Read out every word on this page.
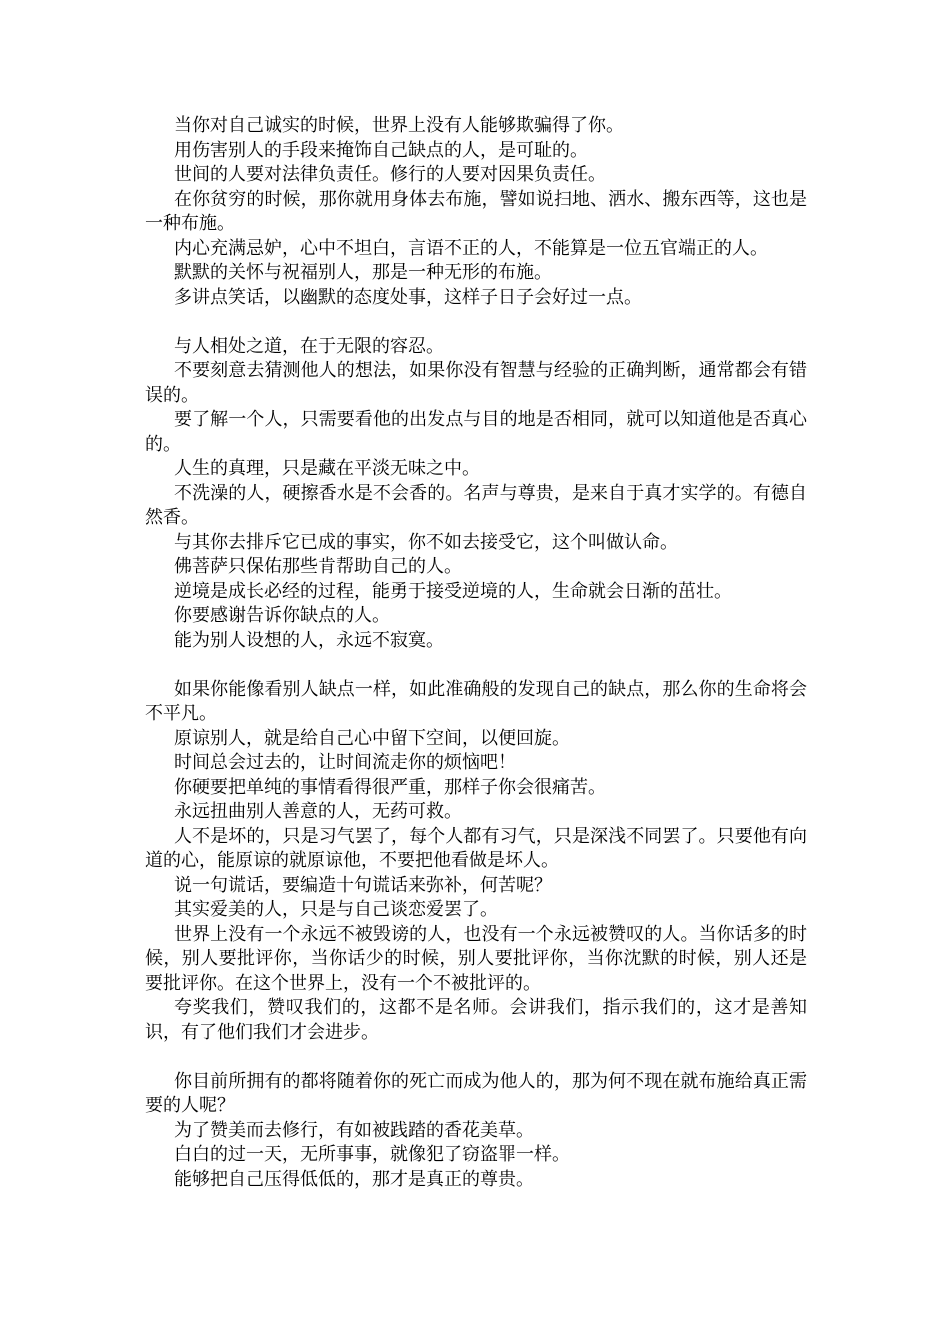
当你对自己诚实的时候，世界上没有人能够欺骗得了你。

用伤害别人的手段来掩饰自己缺点的人，是可耻的。

世间的人要对法律负责任。修行的人要对因果负责任。

在你贫穷的时候，那你就用身体去布施，譬如说扫地、洒水、搬东西等，这也是一种布施。

内心充满忌妒，心中不坦白，言语不正的人，不能算是一位五官端正的人。

默默的关怀与祝福别人，那是一种无形的布施。

多讲点笑话，以幽默的态度处事，这样子日子会好过一点。

与人相处之道，在于无限的容忍。

不要刻意去猜测他人的想法，如果你没有智慧与经验的正确判断，通常都会有错误的。

要了解一个人，只需要看他的出发点与目的地是否相同，就可以知道他是否真心的。

人生的真理，只是藏在平淡无味之中。

不洗澡的人，硬擦香水是不会香的。名声与尊贵，是来自于真才实学的。有德自然香。

与其你去排斥它已成的事实，你不如去接受它，这个叫做认命。

佛菩萨只保佑那些肯帮助自己的人。

逆境是成长必经的过程，能勇于接受逆境的人，生命就会日渐的茁壮。

你要感谢告诉你缺点的人。

能为别人设想的人，永远不寂寞。

如果你能像看别人缺点一样，如此准确般的发现自己的缺点，那么你的生命将会不平凡。

原谅别人，就是给自己心中留下空间，以便回旋。

时间总会过去的，让时间流走你的烦恼吧！

你硬要把单纯的事情看得很严重，那样子你会很痛苦。

永远扭曲别人善意的人，无药可救。

人不是坏的，只是习气罢了，每个人都有习气，只是深浅不同罢了。只要他有向道的心，能原谅的就原谅他，不要把他看做是坏人。

说一句谎话，要编造十句谎话来弥补，何苦呢？

其实爱美的人，只是与自己谈恋爱罢了。

世界上没有一个永远不被毁谤的人，也没有一个永远被赞叹的人。当你话多的时候，别人要批评你，当你话少的时候，别人要批评你，当你沈默的时候，别人还是要批评你。在这个世界上，没有一个不被批评的。

夸奖我们，赞叹我们的，这都不是名师。会讲我们，指示我们的，这才是善知识，有了他们我们才会进步。

你目前所拥有的都将随着你的死亡而成为他人的，那为何不现在就布施给真正需要的人呢？

为了赞美而去修行，有如被践踏的香花美草。

白白的过一天，无所事事，就像犯了窃盗罪一样。

能够把自己压得低低的，那才是真正的尊贵。
